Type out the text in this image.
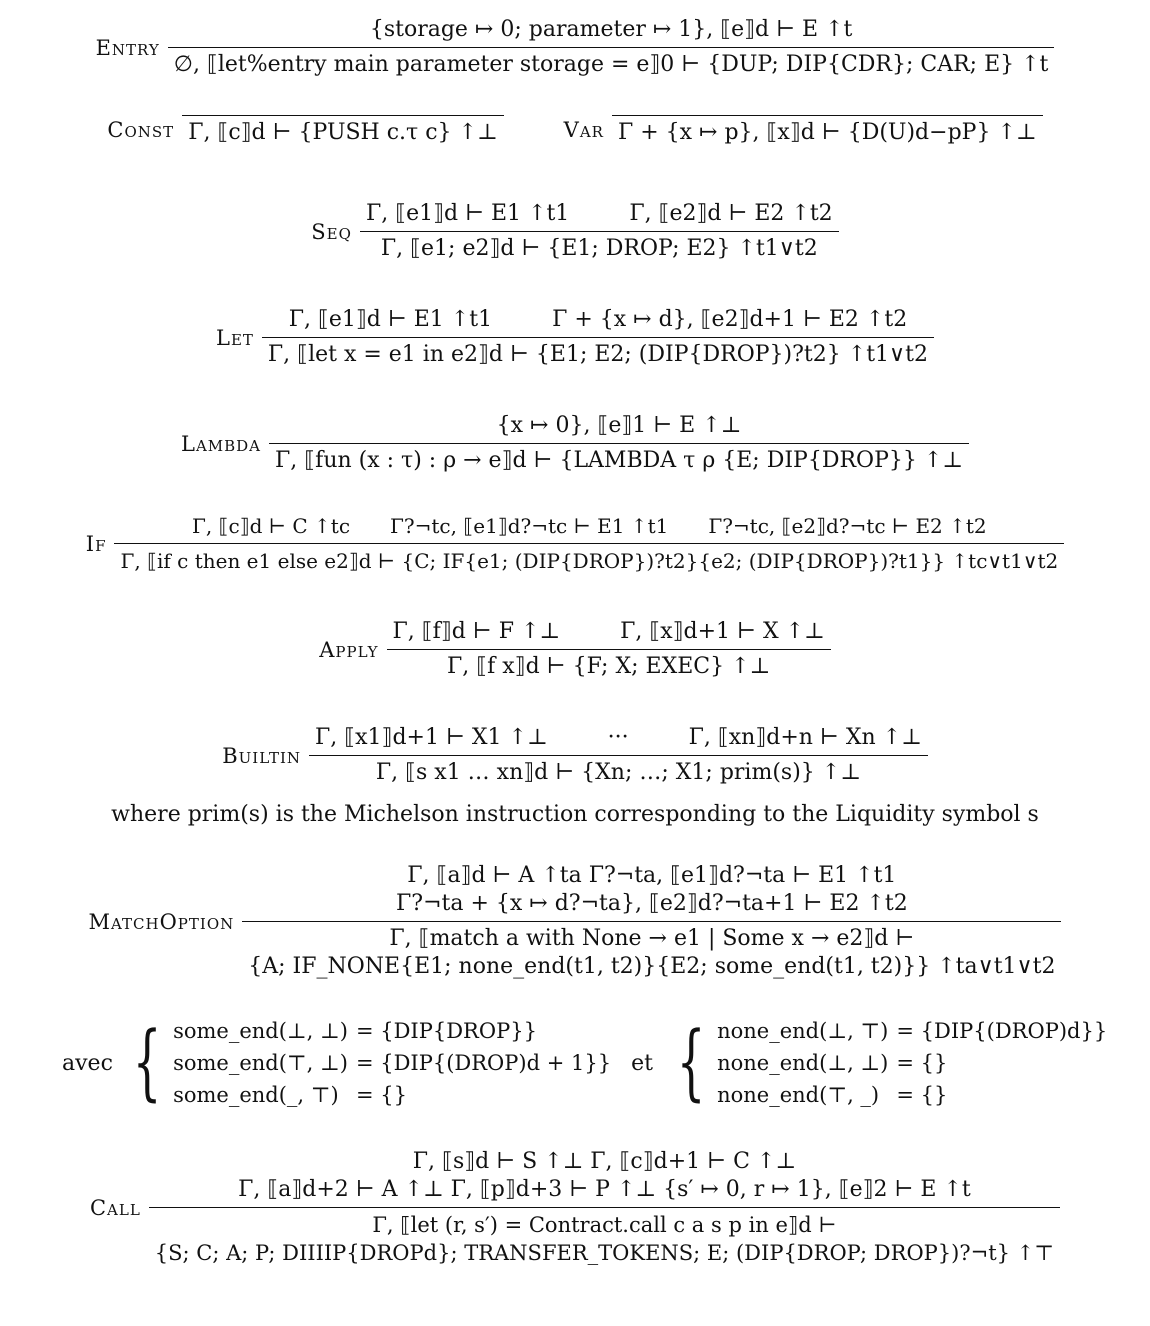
Entry
{storage ↦ 0; parameter ↦ 1}, ⟦e⟧d ⊢ E ↑t
∅, ⟦let%entry main parameter storage = e⟧0 ⊢ {DUP; DIP{CDR}; CAR; E} ↑t
Const Γ, ⟦c⟧d ⊢ {PUSH c.τ c} ↑⊥	Var Γ + {x ↦ p}, ⟦x⟧d ⊢ {D(U)d−pP} ↑⊥
Seq Γ, ⟦e1⟧d ⊢ E1 ↑t1	Γ, ⟦e2⟧d ⊢ E2 ↑t2
Γ, ⟦e1; e2⟧d ⊢ {E1; DROP; E2} ↑t1∨t2
Let Γ, ⟦e1⟧d ⊢ E1 ↑t1	Γ + {x ↦ d}, ⟦e2⟧d+1 ⊢ E2 ↑t2
Γ, ⟦let x = e1 in e2⟧d ⊢ {E1; E2; (DIP{DROP})?t2} ↑t1∨t2
Lambda $\frac{\{x ↦ 0\}, ⟦e⟧1 ⊢ E ↑\perp}{\text{Γ, ⟦fun (x : τ) : ρ → e⟧d ⊢ \{LAMBDA τ ρ \{E; DIP\{DROP\}\} ↑⊥}}$
If
Γ, ⟦c⟧d ⊢ C ↑tc Γ?¬tc, ⟦e1⟧d?¬tc ⊢ E1 ↑t1 Γ?¬tc, ⟦e2⟧d?¬tc ⊢ E2 ↑t2
Γ, ⟦if c then e1 else e2⟧d ⊢ {C; IF{e1; (DIP{DROP})?t2}{e2; (DIP{DROP})?t1}} ↑tc∨t1∨t2
Apply Γ, ⟦f⟧d ⊢ F ↑⊥	Γ, ⟦x⟧d+1 ⊢ X ↑⊥
Γ, ⟦f x⟧d ⊢ {F; X; EXEC} ↑⊥
Builtin Γ, ⟦x1⟧d+1 ⊢ X1 ↑⊥	···	Γ, ⟦xn⟧d+n ⊢ Xn ↑⊥
Γ, ⟦s x1 … xn⟧d ⊢ {Xn; …; X1; prim(s)} ↑⊥
where prim(s) is the Michelson instruction corresponding to the Liquidity symbol s
MatchOption
Γ, ⟦a⟧d ⊢ A ↑ta Γ?¬ta, ⟦e1⟧d?¬ta ⊢ E1 ↑t1
Γ?¬ta + {x ↦ d?¬ta}, ⟦e2⟧d?¬ta+1 ⊢ E2 ↑t2
Γ, ⟦match a with None → e1 | Some x → e2⟧d ⊢
{A; IF_NONE{E1; none_end(t1, t2)}{E2; some_end(t1, t2)}} ↑ta∨t1∨t2
avec { some_end(⊥, ⊥)	= {DIP{DROP}}
some_end(⊤, ⊥)	= {DIP{(DROP)d + 1}}
some_end(_, ⊤)	= {}
et { none_end(⊥, ⊤)	= {DIP{(DROP)d}}
none_end(⊥, ⊥)	= {}
none_end(⊤, _)	= {}
Call
Γ, ⟦s⟧d ⊢ S ↑⊥ Γ, ⟦c⟧d+1 ⊢ C ↑⊥
Γ, ⟦a⟧d+2 ⊢ A ↑⊥ Γ, ⟦p⟧d+3 ⊢ P ↑⊥ {s′ ↦ 0, r ↦ 1}, ⟦e⟧2 ⊢ E ↑t
Γ, ⟦let (r, s′) = Contract.call c a s p in e⟧d ⊢
{S; C; A; P; DIIIIP{DROPd}; TRANSFER_TOKENS; E; (DIP{DROP; DROP})?¬t} ↑⊤
